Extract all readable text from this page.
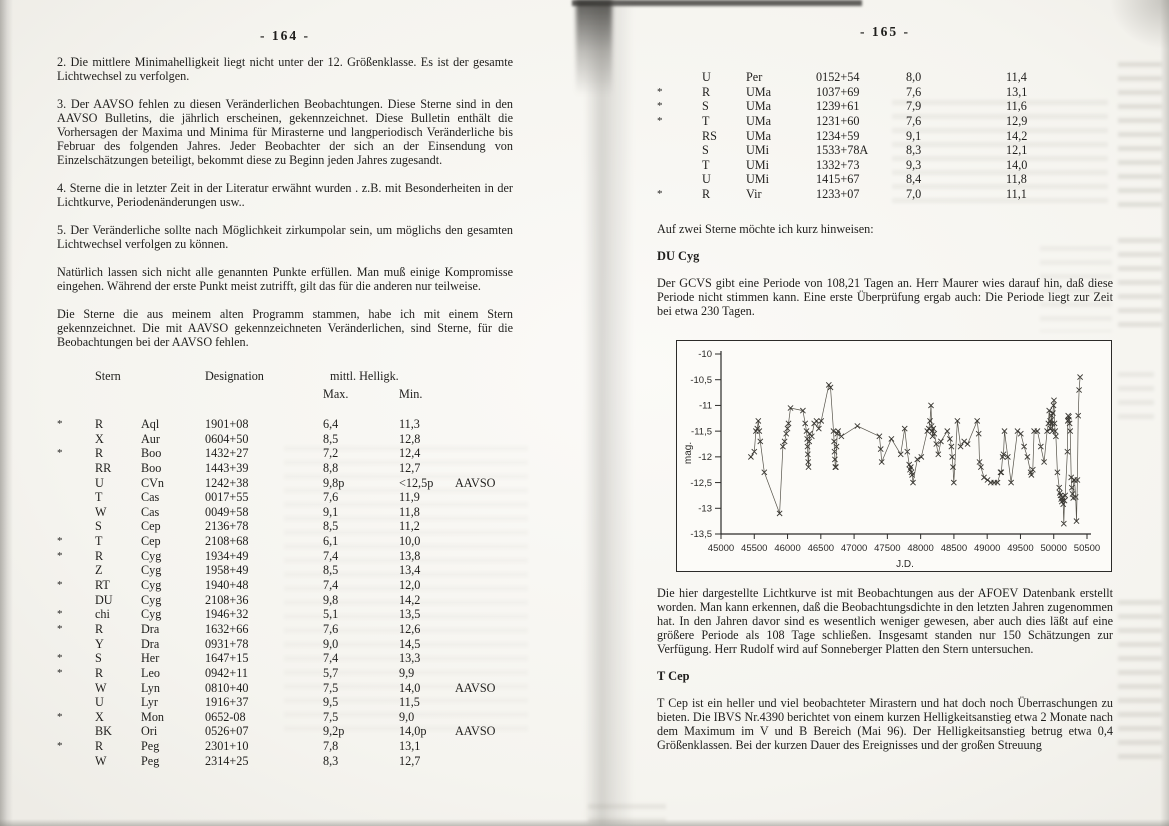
- 164 -

2. Die mittlere Minimahelligkeit liegt nicht unter der 12. Größenklasse. Es ist der gesamte Lichtwechsel zu verfolgen.

3. Der AAVSO fehlen zu diesen Veränderlichen Beobachtungen. Diese Sterne sind in den AAVSO Bulletins, die jährlich erscheinen, gekennzeichnet. Diese Bulletin enthält die Vorhersagen der Maxima und Minima für Mirasterne und langperiodisch Veränderliche bis Februar des folgenden Jahres. Jeder Beobachter der sich an der Einsendung von Einzelschätzungen beteiligt, bekommt diese zu Beginn jeden Jahres zugesandt.

4. Sterne die in letzter Zeit in der Literatur erwähnt wurden . z.B. mit Besonderheiten in der Lichtkurve, Periodenänderungen usw..

5. Der Veränderliche sollte nach Möglichkeit zirkumpolar sein, um möglichs den gesamten Lichtwechsel verfolgen zu können.

Natürlich lassen sich nicht alle genannten Punkte erfüllen. Man muß einige Kompromisse eingehen. Während der erste Punkt meist zutrifft, gilt das für die anderen nur teilweise.

Die Sterne die aus meinem alten Programm stammen, habe ich mit einem Stern gekennzeichnet. Die mit AAVSO gekennzeichneten Veränderlichen, sind Sterne, für die Beobachtungen bei der AAVSO fehlen.

Stern	Designation	mittl. Helligk.
Max.	Min.
*	R	Aql	1901+08	6,4	11,3
X	Aur	0604+50	8,5	12,8
*	R	Boo	1432+27	7,2	12,4
RR	Boo	1443+39	8,8	12,7
U	CVn	1242+38	9,8p	<12,5p	AAVSO
T	Cas	0017+55	7,6	11,9
W	Cas	0049+58	9,1	11,8
S	Cep	2136+78	8,5	11,2
*	T	Cep	2108+68	6,1	10,0
*	R	Cyg	1934+49	7,4	13,8
Z	Cyg	1958+49	8,5	13,4
*	RT	Cyg	1940+48	7,4	12,0
DU	Cyg	2108+36	9,8	14,2
*	chi	Cyg	1946+32	5,1	13,5
*	R	Dra	1632+66	7,6	12,6
Y	Dra	0931+78	9,0	14,5
*	S	Her	1647+15	7,4	13,3
*	R	Leo	0942+11	5,7	9,9
W	Lyn	0810+40	7,5	14,0	AAVSO
U	Lyr	1916+37	9,5	11,5
*	X	Mon	0652-08	7,5	9,0
BK	Ori	0526+07	9,2p	14,0p	AAVSO
*	R	Peg	2301+10	7,8	13,1
W	Peg	2314+25	8,3	12,7
- 165 -
U	Per	0152+54	8,0	11,4
*	R	UMa	1037+69	7,6	13,1
*	S	UMa	1239+61	7,9	11,6
*	T	UMa	1231+60	7,6	12,9
RS	UMa	1234+59	9,1	14,2
S	UMi	1533+78A	8,3	12,1
T	UMi	1332+73	9,3	14,0
U	UMi	1415+67	8,4	11,8
*	R	Vir	1233+07	7,0	11,1

Auf zwei Sterne möchte ich kurz hinweisen:

DU Cyg

Der GCVS gibt eine Periode von 108,21 Tagen an. Herr Maurer wies darauf hin, daß diese Periode nicht stimmen kann. Eine erste Überprüfung ergab auch: Die Periode liegt zur Zeit bei etwa 230 Tagen.

-10
-10,5
-11
-11,5
-12
-12,5
-13
-13,5
45000 45500 46000 46500 47000 47500 48000 48500 49000 49500 50000 50500
mag.
J.D.

Die hier dargestellte Lichtkurve ist mit Beobachtungen aus der AFOEV Datenbank erstellt worden. Man kann erkennen, daß die Beobachtungsdichte in den letzten Jahren zugenommen hat. In den Jahren davor sind es wesentlich weniger gewesen, aber auch dies läßt auf eine größere Periode als 108 Tage schließen. Insgesamt standen nur 150 Schätzungen zur Verfügung. Herr Rudolf wird auf Sonneberger Platten den Stern untersuchen.

T Cep

T Cep ist ein heller und viel beobachteter Mirastern und hat doch noch Überraschungen zu bieten. Die IBVS Nr.4390 berichtet von einem kurzen Helligkeitsanstieg etwa 2 Monate nach dem Maximum im V und B Bereich (Mai 96). Der Helligkeitsanstieg betrug etwa 0,4 Größenklassen. Bei der kurzen Dauer des Ereignisses und der großen Streuung
